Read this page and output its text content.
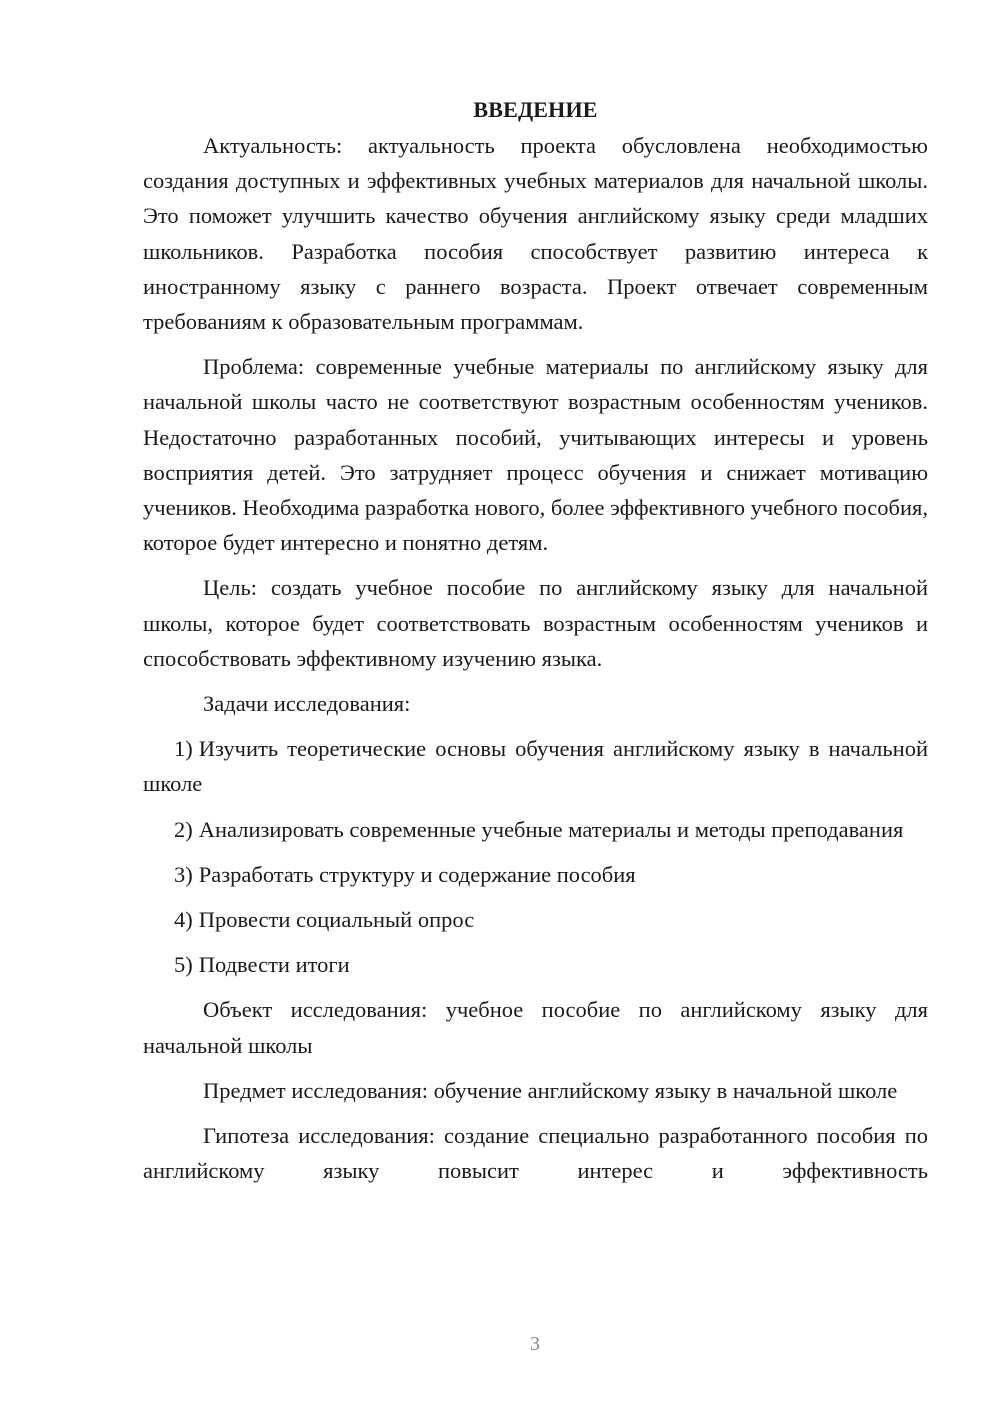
ВВЕДЕНИЕ

Актуальность: актуальность проекта обусловлена необходимостью создания доступных и эффективных учебных материалов для начальной школы. Это поможет улучшить качество обучения английскому языку среди младших школьников. Разработка пособия способствует развитию интереса к иностранному языку с раннего возраста. Проект отвечает современным требованиям к образовательным программам.

Проблема: современные учебные материалы по английскому языку для начальной школы часто не соответствуют возрастным особенностям учеников. Недостаточно разработанных пособий, учитывающих интересы и уровень восприятия детей. Это затрудняет процесс обучения и снижает мотивацию учеников. Необходима разработка нового, более эффективного учебного пособия, которое будет интересно и понятно детям.

Цель: создать учебное пособие по английскому языку для начальной школы, которое будет соответствовать возрастным особенностям учеников и способствовать эффективному изучению языка.

Задачи исследования:

1) Изучить теоретические основы обучения английскому языку в начальной школе
2) Анализировать современные учебные материалы и методы преподавания
3) Разработать структуру и содержание пособия
4) Провести социальный опрос
5) Подвести итоги

Объект исследования: учебное пособие по английскому языку для начальной школы

Предмет исследования: обучение английскому языку в начальной школе

Гипотеза исследования: создание специально разработанного пособия по английскому языку повысит интерес и эффективность

3
